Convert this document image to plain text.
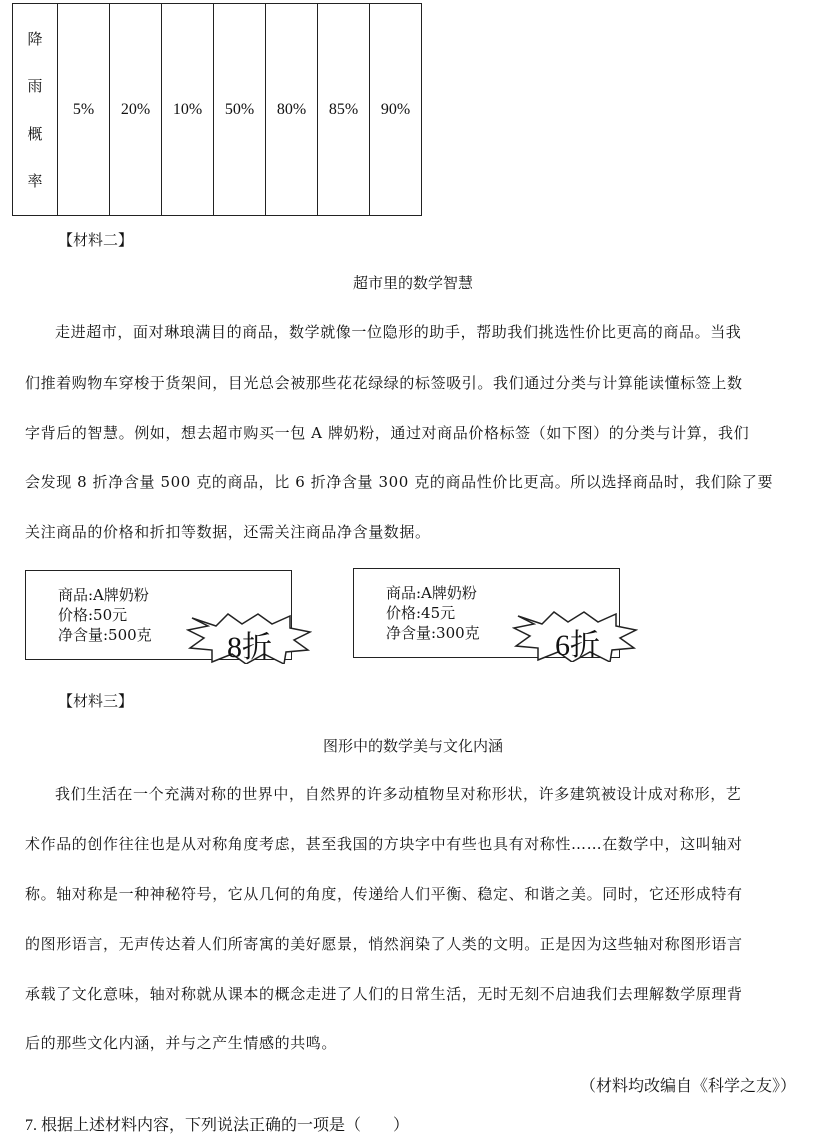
降
雨
概
率
	5%	20%	10%	50%	80%	85%	90%
【材料二】
超市里的数学智慧
走进超市，面对琳琅满目的商品，数学就像一位隐形的助手，帮助我们挑选性价比更高的商品。当我
们推着购物车穿梭于货架间，目光总会被那些花花绿绿的标签吸引。我们通过分类与计算能读懂标签上数
字背后的智慧。例如，想去超市购买一包 A 牌奶粉，通过对商品价格标签（如下图）的分类与计算，我们
会发现 8 折净含量 500 克的商品，比 6 折净含量 300 克的商品性价比更高。所以选择商品时，我们除了要
关注商品的价格和折扣等数据，还需关注商品净含量数据。
商品:A牌奶粉
价格:50元
净含量:500克	8折
商品:A牌奶粉
价格:45元
净含量:300克	6折
【材料三】
图形中的数学美与文化内涵
我们生活在一个充满对称的世界中，自然界的许多动植物呈对称形状，许多建筑被设计成对称形，艺
术作品的创作往往也是从对称角度考虑，甚至我国的方块字中有些也具有对称性……在数学中，这叫轴对
称。轴对称是一种神秘符号，它从几何的角度，传递给人们平衡、稳定、和谐之美。同时，它还形成特有
的图形语言，无声传达着人们所寄寓的美好愿景，悄然润染了人类的文明。正是因为这些轴对称图形语言
承载了文化意味，轴对称就从课本的概念走进了人们的日常生活，无时无刻不启迪我们去理解数学原理背
后的那些文化内涵，并与之产生情感的共鸣。
（材料均改编自《科学之友》）
7. 根据上述材料内容，下列说法正确的一项是（　　）
